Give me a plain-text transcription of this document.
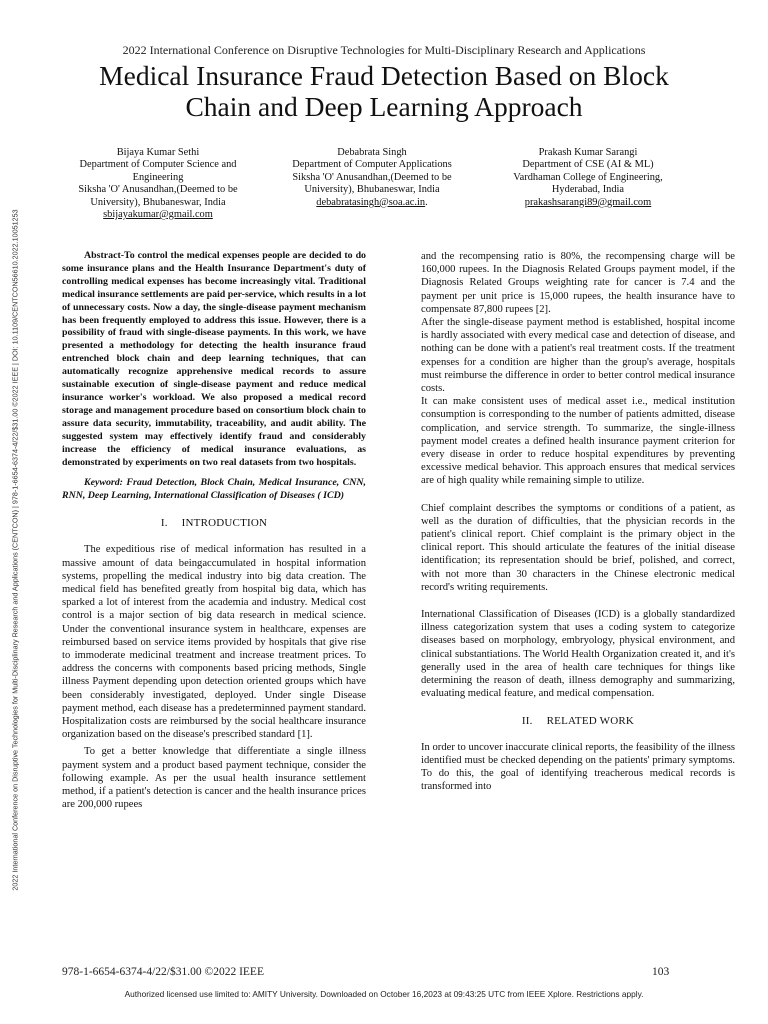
2022 International Conference on Disruptive Technologies for Multi-Disciplinary Research and Applications (CENTCON) | 978-1-6654-6374-4/22/$31.00 ©2022 IEEE | DOI: 10.1109/CENTCON56610.2022.10051253
2022 International Conference on Disruptive Technologies for Multi-Disciplinary Research and Applications
Medical Insurance Fraud Detection Based on Block
Chain and Deep Learning Approach
Bijaya Kumar Sethi
Department of Computer Science and
Engineering
Siksha 'O' Anusandhan,(Deemed to be
University), Bhubaneswar, India
sbijayakumar@gmail.com
Debabrata Singh
Department of Computer Applications
Siksha 'O' Anusandhan,(Deemed to be
University), Bhubaneswar, India
debabratasingh@soa.ac.in.
Prakash Kumar Sarangi
Department of CSE (AI & ML)
Vardhaman College of Engineering,
Hyderabad, India
prakashsarangi89@gmail.com

Abstract-To control the medical expenses people are decided to do some insurance plans and the Health Insurance Department's duty of controlling medical expenses has become increasingly vital. Traditional medical insurance settlements are paid per-service, which results in a lot of unnecessary costs. Now a day, the single-disease payment mechanism has been frequently employed to address this issue. However, there is a possibility of fraud with single-disease payments. In this work, we have presented a methodology for detecting the health insurance fraud entrenched block chain and deep learning techniques, that can automatically recognize apprehensive medical records to assure sustainable execution of single-disease payment and reduce medical insurance worker's workload. We also proposed a medical record storage and management procedure based on consortium block chain to assure data security, immutability, traceability, and audit ability. The suggested system may effectively identify fraud and considerably increase the efficiency of medical insurance evaluations, as demonstrated by experiments on two real datasets from two hospitals.

Keyword: Fraud Detection, Block Chain, Medical Insurance, CNN, RNN, Deep Learning, International Classification of Diseases ( ICD)

I. INTRODUCTION

The expeditious rise of medical information has resulted in a massive amount of data beingaccumulated in hospital information systems, propelling the medical industry into big data creation. The medical field has benefited greatly from hospital big data, which has sparked a lot of interest from the academia and industry. Medical cost control is a major section of big data research in medical science. Under the conventional insurance system in healthcare, expenses are reimbursed based on service items provided by hospitals that give rise to immoderate medicinal treatment and increase treatment prices. To address the concerns with components based pricing methods, Single illness Payment depending upon detection oriented groups which have been considerably investigated, deployed. Under single Disease payment method, each disease has a predeterminned payment standard. Hospitalization costs are reimbursed by the social healthcare insurance organization based on the disease's prescribed standard [1].

To get a better knowledge that differentiate a single illness payment system and a product based payment technique, consider the following example. As per the usual health insurance settlement method, if a patient's detection is cancer and the health insurance prices are 200,000 rupees

and the recompensing ratio is 80%, the recompensing charge will be 160,000 rupees. In the Diagnosis Related Groups payment model, if the Diagnosis Related Groups weighting rate for cancer is 7.4 and the payment per unit price is 15,000 rupees, the health insurance have to compensate 87,800 rupees [2].

After the single-disease payment method is established, hospital income is hardly associated with every medical case and detection of disease, and nothing can be done with a patient's real treatment costs. If the treatment expenses for a condition are higher than the group's average, hospitals must reimburse the difference in order to better control medical insurance costs.

It can make consistent uses of medical asset i.e., medical institution consumption is corresponding to the number of patients admitted, disease complication, and service strength. To summarize, the single-illness payment model creates a defined health insurance payment criterion for every disease in order to reduce hospital expenditures by preventing excessive medical behavior. This approach ensures that medical services are of high quality while remaining simple to utilize.

Chief complaint describes the symptoms or conditions of a patient, as well as the duration of difficulties, that the physician records in the patient's clinical report. Chief complaint is the primary object in the clinical report. This should articulate the features of the initial disease identification; its representation should be brief, polished, and correct, with not more than 30 characters in the Chinese electronic medical record's writing requirements.

International Classification of Diseases (ICD) is a globally standardized illness categorization system that uses a coding system to categorize diseases based on morphology, embryology, physical environment, and clinical substantiations. The World Health Organization created it, and it's generally used in the area of health care techniques for things like determining the reason of death, illness demography and summarizing, evaluating medical feature, and medical compensation.

II. RELATED WORK

In order to uncover inaccurate clinical reports, the feasibility of the illness identified must be checked depending on the patients' primary symptoms. To do this, the goal of identifying treacherous medical records is transformed into

978-1-6654-6374-4/22/$31.00 ©2022 IEEE	103
Authorized licensed use limited to: AMITY University. Downloaded on October 16,2023 at 09:43:25 UTC from IEEE Xplore. Restrictions apply.
